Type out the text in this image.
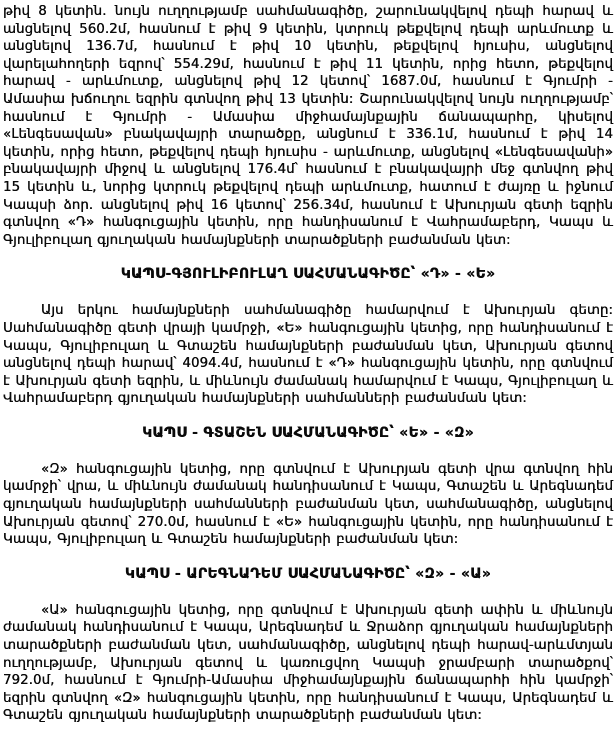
թիվ 8 կետին. նույն ուղղությամբ սահմանագիծը, շարունակվելով դեպի հարավ և անցնելով 560.2մ, հասնում է թիվ 9 կետին, կտրուկ թեքվելով դեպի արևմուտք և անցնելով 136.7մ, հասնում է թիվ 10 կետին, թեքվելով հյուսիս, անցնելով վարելահողերի եզրով՝ 554.29մ, հասնում է թիվ 11 կետին, որից հետո, թեքվելով հարավ - արևմուտք, անցնելով թիվ 12 կետով՝ 1687.0մ, հասնում է Գյումրի - Ամասիա խճուղու եզրին գտնվող թիվ 13 կետին: Շարունակվելով նույն ուղղությամբ՝ հասնում է Գյումրի - Ամասիա միջհամայնքային ճանապարհը, կիսելով «Լենգեսավան» բնակավայրի տարածքը, անցնում է 336.1մ, հասնում է թիվ 14 կետին, որից հետո, թեքվելով դեպի հյուսիս - արևմուտք, անցնելով «Լենգեսավանի» բնակավայրի միջով և անցնելով 176.4մ՝ հասնում է բնակավայրի մեջ գտնվող թիվ 15 կետին և, նորից կտրուկ թեքվելով դեպի արևմուտք, հատում է ժայռը և իջնում Կապսի ձոր. անցնելով թիվ 16 կետով՝ 256.34մ, հասնում է Ախուրյան գետի եզրին գտնվող «Դ» հանգուցային կետին, որը հանդիսանում է Վահրամաբերդ, Կապս և Գյուլիբուլաղ գյուղական համայնքների տարածքների բաժանման կետ:

ԿԱՊՍ-ԳՅՈՒԼԻԲՈՒԼԱՂ ՍԱՀՄԱՆԱԳԻԾԸ՝ «Դ» - «Ե»

Այս երկու համայնքների սահմանագիծը համարվում է Ախուրյան գետը: Սահմանագիծը գետի վրայի կամրջի, «Ե» հանգուցային կետից, որը հանդիսանում է Կապս, Գյուլիբուլաղ և Գտաշեն համայնքների բաժանման կետ, Ախուրյան գետով անցնելով դեպի հարավ՝ 4094.4մ, հասնում է «Դ» հանգուցային կետին, որը գտնվում է Ախուրյան գետի եզրին, և միևնույն ժամանակ համարվում է Կապս, Գյուլիբուլաղ և Վահրամաբերդ գյուղական համայնքների սահմանների բաժանման կետ:

ԿԱՊՍ - ԳՏԱՇԵՆ ՍԱՀՄԱՆԱԳԻԾԸ՝ «Ե» - «Զ»

«Զ» հանգուցային կետից, որը գտնվում է Ախուրյան գետի վրա գտնվող հին կամրջի՝ վրա, և միևնույն ժամանակ հանդիսանում է Կապս, Գտաշեն և Արեգնադեմ գյուղական համայնքների սահմանների բաժանման կետ, սահմանագիծը, անցնելով Ախուրյան գետով՝ 270.0մ, հասնում է «Ե» հանգուցային կետին, որը հանդիսանում է Կապս, Գյուլիբուլաղ և Գտաշեն համայնքների բաժանման կետ:

ԿԱՊՍ - ԱՐԵԳՆԱԴԵՄ ՍԱՀՄԱՆԱԳԻԾԸ՝ «Զ» - «Ա»

«Ա» հանգուցային կետից, որը գտնվում է Ախուրյան գետի ափին և միևնույն ժամանակ հանդիսանում է Կապս, Արեգնադեմ և Ջրաձոր գյուղական համայնքների տարածքների բաժանման կետ, սահմանագիծը, անցնելով դեպի հարավ-արևմտյան ուղղությամբ, Ախուրյան գետով և կառուցվող Կապսի ջրամբարի տարածքով՝ 792.0մ, հասնում է Գյումրի-Ամասիա միջհամայնքային ճանապարհի հին կամրջի՝ եզրին գտնվող «Զ» հանգուցային կետին, որը հանդիսանում է Կապս, Արեգնադեմ և Գտաշեն գյուղական համայնքների տարածքների բաժանման կետ:
